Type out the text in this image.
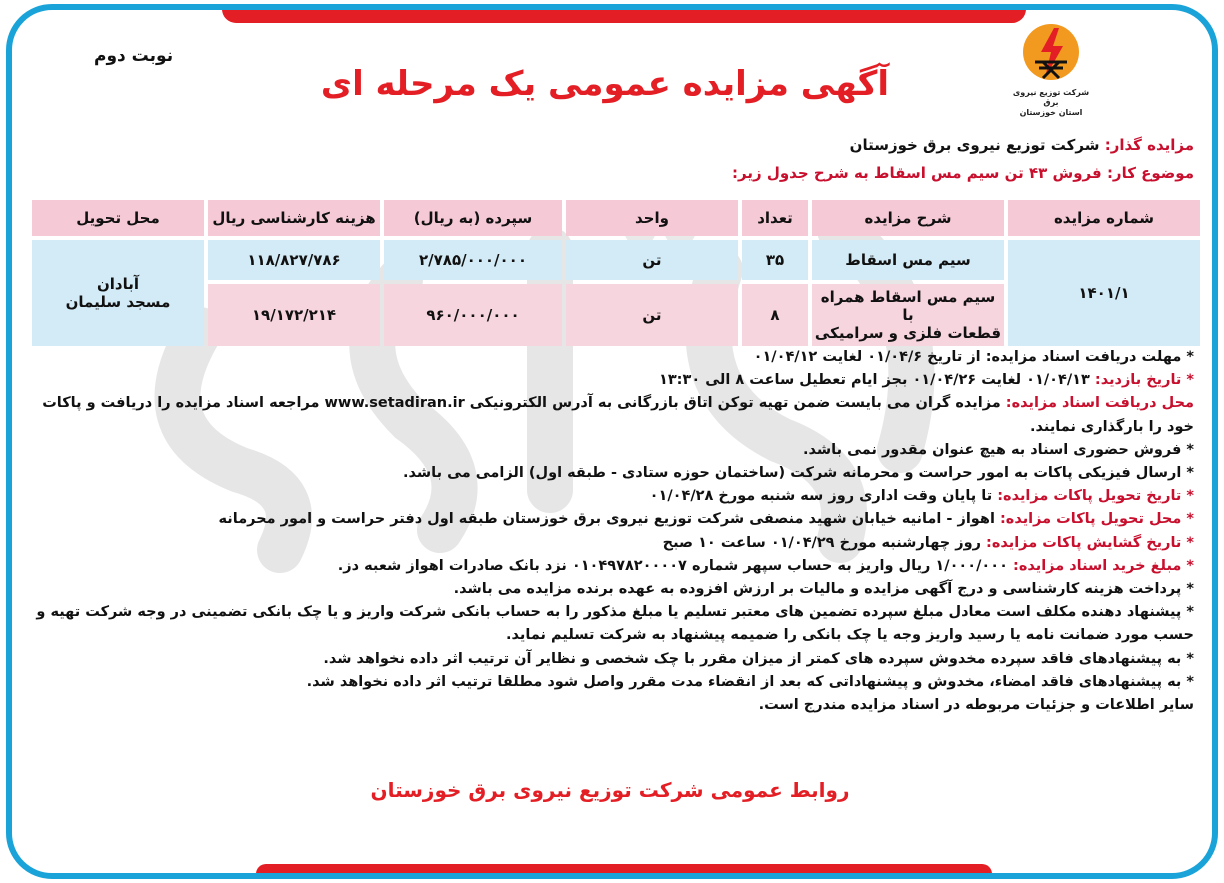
شرکت توزیع نیروی برق
استان خوزستان
نوبت دوم
آگهی مزایده عمومی یک مرحله ای
مزایده گذار: شرکت توزیع نیروی برق خوزستان
موضوع کار: فروش ۴۳ تن سیم مس اسقاط به شرح جدول زیر:
شماره مزایده	شرح مزایده	تعداد	واحد	سپرده (به ریال)	هزینه کارشناسی ریال	محل تحویل
۱۴۰۱/۱	سیم مس اسقاط	۳۵	تن	۲/۷۸۵/۰۰۰/۰۰۰	۱۱۸/۸۲۷/۷۸۶	آبادان
مسجد سلیمان

	سیم مس اسقاط همراه با
قطعات فلزی و سرامیکی	۸	تن	۹۶۰/۰۰۰/۰۰۰	۱۹/۱۷۲/۲۱۴	
* مهلت دریافت اسناد مزایده: از تاریخ ۰۱/۰۴/۶ لغایت ۰۱/۰۴/۱۲
* تاریخ بازدید: ۰۱/۰۴/۱۳ لغایت ۰۱/۰۴/۲۶ بجز ایام تعطیل ساعت ۸ الی ۱۳:۳۰
محل دریافت اسناد مزایده: مزایده گران می بایست ضمن تهیه توکن اتاق بازرگانی به آدرس الکترونیکی www.setadiran.ir مراجعه اسناد مزایده را دریافت و پاکات خود را بارگذاری نمایند.
* فروش حضوری اسناد به هیچ عنوان مقدور نمی باشد.
* ارسال فیزیکی پاکات به امور حراست و محرمانه شرکت (ساختمان حوزه ستادی - طبقه اول) الزامی می باشد.
* تاریخ تحویل پاکات مزایده: تا پایان وقت اداری روز سه شنبه مورخ ۰۱/۰۴/۲۸
* محل تحویل پاکات مزایده: اهواز - امانیه خیابان شهید منصفی شرکت توزیع نیروی برق خوزستان طبقه اول دفتر حراست و امور محرمانه
* تاریخ گشایش پاکات مزایده: روز چهارشنبه مورخ ۰۱/۰۴/۲۹ ساعت ۱۰ صبح
* مبلغ خرید اسناد مزایده: ۱/۰۰۰/۰۰۰ ریال واریز به حساب سپهر شماره ۰۱۰۴۹۷۸۲۰۰۰۰۷ نزد بانک صادرات اهواز شعبه دز.
* پرداخت هزینه کارشناسی و درج آگهی مزایده و مالیات بر ارزش افزوده به عهده برنده مزایده می باشد.
* پیشنهاد دهنده مکلف است معادل مبلغ سپرده تضمین های معتبر تسلیم یا مبلغ مذکور را به حساب بانکی شرکت واریز و یا چک بانکی تضمینی در وجه شرکت تهیه و حسب مورد ضمانت نامه یا رسید واریز وجه یا چک بانکی را ضمیمه پیشنهاد به شرکت تسلیم نماید.
* به پیشنهادهای فاقد سپرده مخدوش سپرده های کمتر از میزان مقرر با چک شخصی و نظایر آن ترتیب اثر داده نخواهد شد.
* به پیشنهادهای فاقد امضاء، مخدوش و پیشنهاداتی که بعد از انقضاء مدت مقرر واصل شود مطلقا ترتیب اثر داده نخواهد شد.
سایر اطلاعات و جزئیات مربوطه در اسناد مزایده مندرج است.
روابط عمومی شرکت توزیع نیروی برق خوزستان
